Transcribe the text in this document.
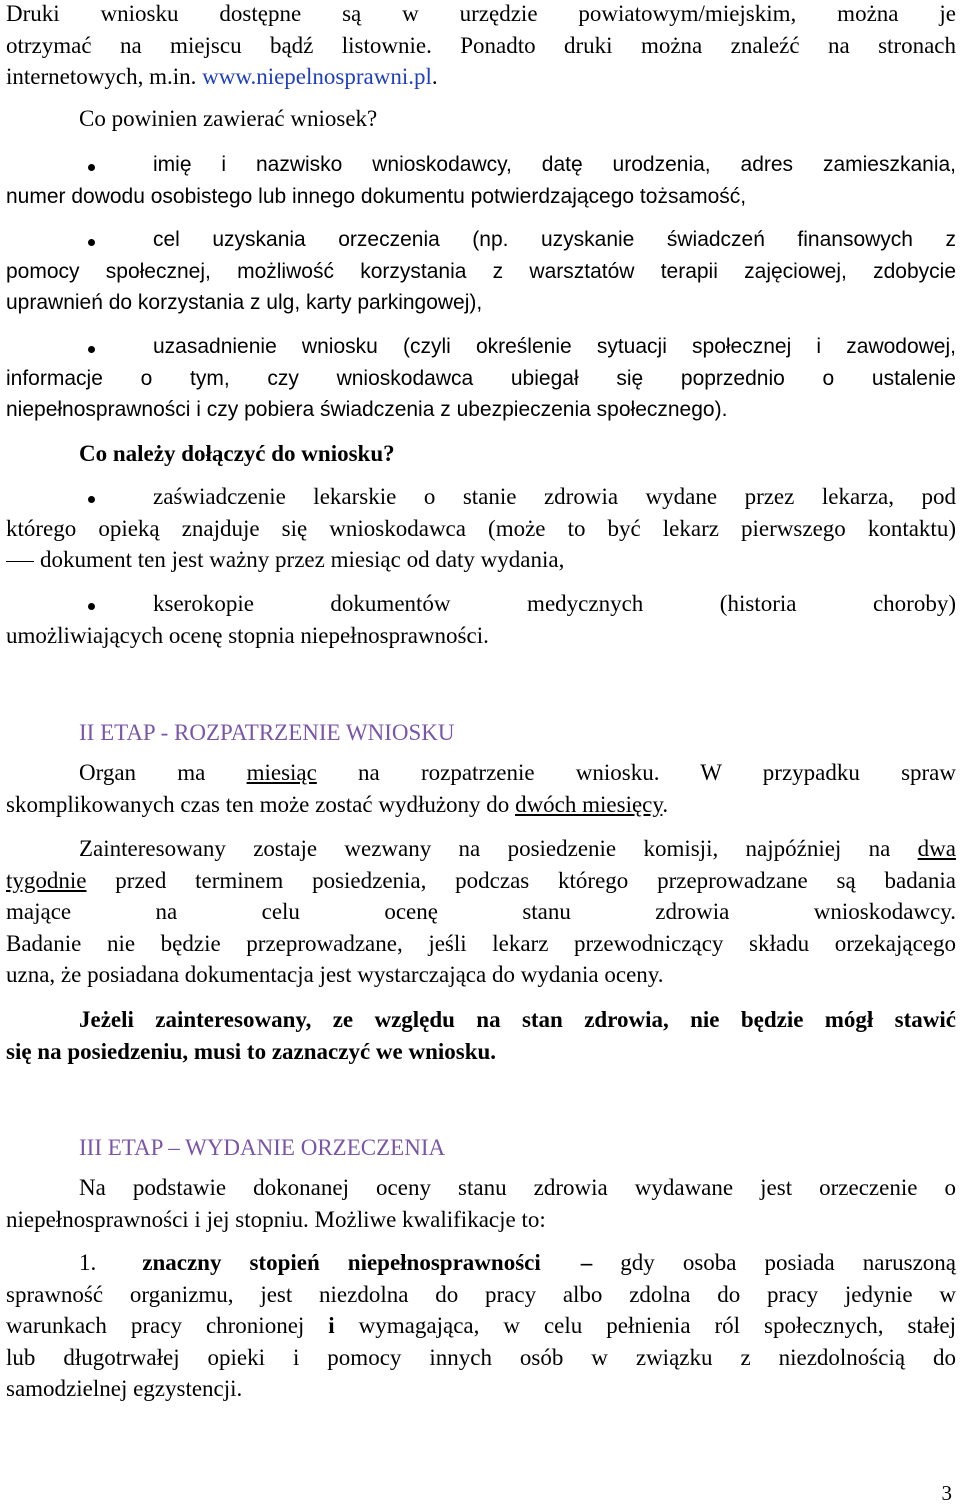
Druki wniosku dostępne są w urzędzie powiatowym/miejskim, można je
otrzymać na miejscu bądź listownie. Ponadto druki można znaleźć na stronach
internetowych, m.in. www.niepelnosprawni.pl.
Co powinien zawierać wniosek?
imię i nazwisko wnioskodawcy, datę urodzenia, adres zamieszkania,
numer dowodu osobistego lub innego dokumentu potwierdzającego tożsamość,
cel uzyskania orzeczenia (np. uzyskanie świadczeń finansowych z
pomocy społecznej, możliwość korzystania z warsztatów terapii zajęciowej, zdobycie
uprawnień do korzystania z ulg, karty parkingowej),
uzasadnienie wniosku (czyli określenie sytuacji społecznej i zawodowej,
informacje o tym, czy wnioskodawca ubiegał się poprzednio o ustalenie
niepełnosprawności i czy pobiera świadczenia z ubezpieczenia społecznego).
Co należy dołączyć do wniosku?
zaświadczenie lekarskie o stanie zdrowia wydane przez lekarza, pod
którego opieką znajduje się wnioskodawca (może to być lekarz pierwszego kontaktu)
dokument ten jest ważny przez miesiąc od daty wydania,
kserokopie dokumentów medycznych (historia choroby)
umożliwiających ocenę stopnia niepełnosprawności.
II ETAP - ROZPATRZENIE WNIOSKU
Organ ma miesiąc na rozpatrzenie wniosku. W przypadku spraw
skomplikowanych czas ten może zostać wydłużony do dwóch miesięcy.
Zainteresowany zostaje wezwany na posiedzenie komisji, najpóźniej na dwa
tygodnie przed terminem posiedzenia, podczas którego przeprowadzane są badania
mające na celu ocenę stanu zdrowia wnioskodawcy.
Badanie nie będzie przeprowadzane, jeśli lekarz przewodniczący składu orzekającego
uzna, że posiadana dokumentacja jest wystarczająca do wydania oceny.
Jeżeli zainteresowany, ze względu na stan zdrowia, nie będzie mógł stawić
się na posiedzeniu, musi to zaznaczyć we wniosku.
III ETAP – WYDANIE ORZECZENIA
Na podstawie dokonanej oceny stanu zdrowia wydawane jest orzeczenie o
niepełnosprawności i jej stopniu. Możliwe kwalifikacje to:
1. znaczny stopień niepełnosprawności – gdy osoba posiada naruszoną
sprawność organizmu, jest niezdolna do pracy albo zdolna do pracy jedynie w
warunkach pracy chronionej i wymagająca, w celu pełnienia ról społecznych, stałej
lub długotrwałej opieki i pomocy innych osób w związku z niezdolnością do
samodzielnej egzystencji.
3
